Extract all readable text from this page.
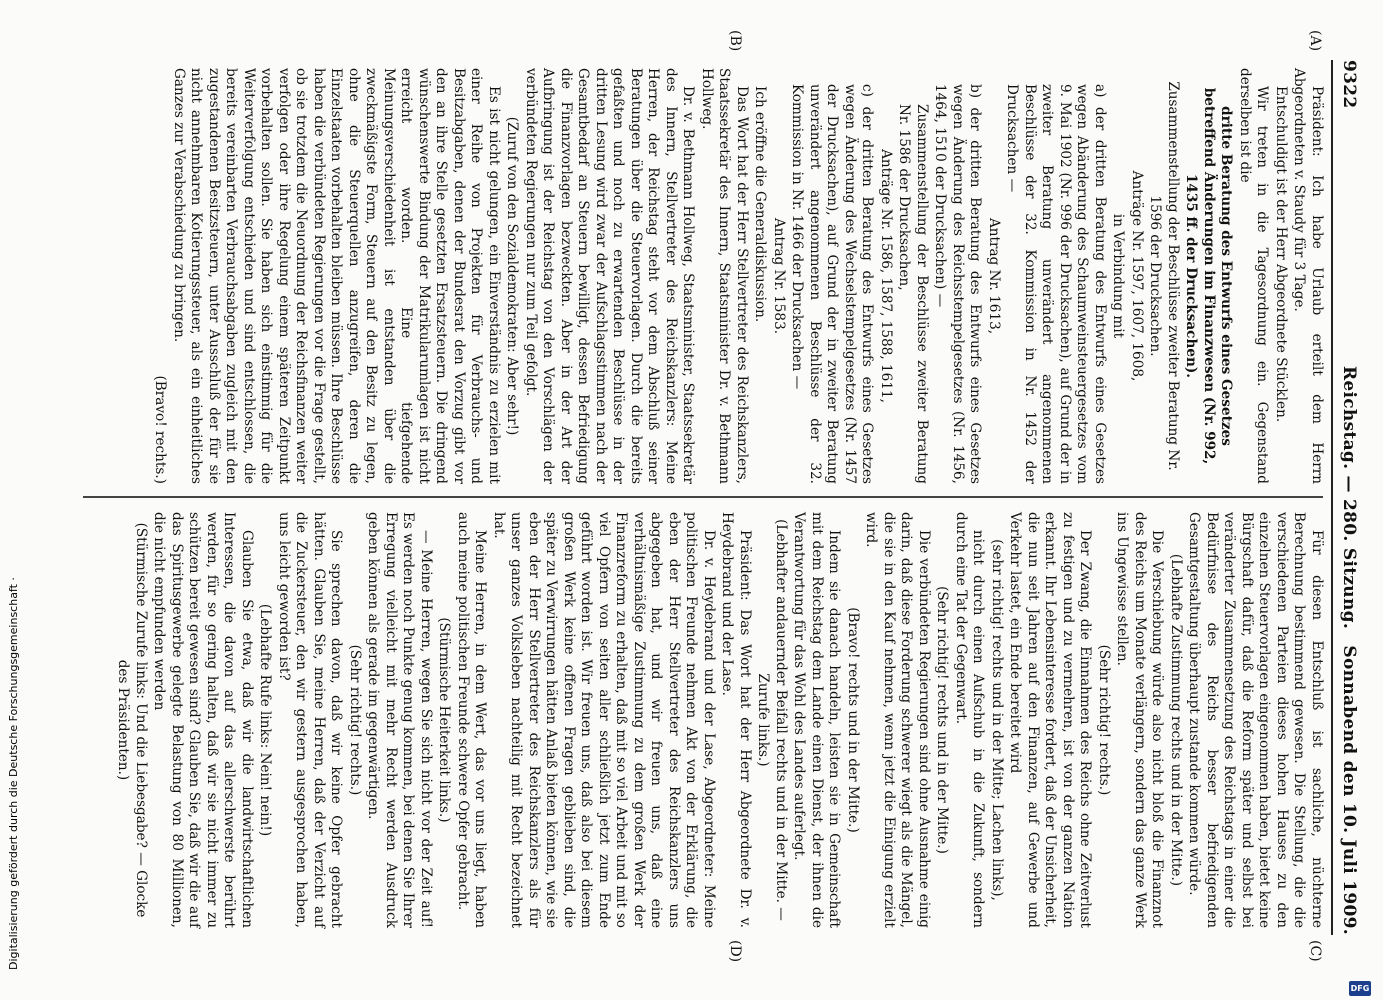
9322
Reichstag. — 280. Sitzung.
Sonnabend den 10. Juli 1909.
(A)
(B)
(C)
(D)

Präsident: Ich habe Urlaub erteilt dem Herrn Abgeordneten v. Staudy für 3 Tage.

Entschuldigt ist der Herr Abgeordnete Stücklen.

Wir treten in die Tagesordnung ein. Gegenstand derselben ist die

dritte Beratung des Entwurfs eines Gesetzes betreffend Änderungen im Finanzwesen (Nr. 992, 1435 ff. der Drucksachen).

Zusammenstellung der Beschlüsse zweiter Beratung Nr. 1596 der Drucksachen.

Anträge Nr. 1597, 1607, 1608,

in Verbindung mit

a) der dritten Beratung des Entwurfs eines Gesetzes wegen Abänderung des Schaumweinsteuergesetzes vom 9. Mai 1902 (Nr. 996 der Drucksachen), auf Grund der in zweiter Beratung unverändert angenommenen Beschlüsse der 32. Kommission in Nr. 1452 der Drucksachen —

Antrag Nr. 1613,

b) der dritten Beratung des Entwurfs eines Gesetzes wegen Änderung des Reichsstempelgesetzes (Nr. 1456, 1464, 1510 der Drucksachen) —

Zusammenstellung der Beschlüsse zweiter Beratung Nr. 1586 der Drucksachen,

Anträge Nr. 1586, 1587, 1588, 1611,

c) der dritten Beratung des Entwurfs eines Gesetzes wegen Änderung des Wechselstempelgesetzes (Nr. 1457 der Drucksachen), auf Grund der in zweiter Beratung unverändert angenommenen Beschlüsse der 32. Kommission in Nr. 1466 der Drucksachen —

Antrag Nr. 1583.

Ich eröffne die Generaldiskussion.

Das Wort hat der Herr Stellvertreter des Reichskanzlers, Staatssekretär des Innern, Staatsminister Dr. v. Bethmann Hollweg.

Dr. v. Bethmann Hollweg, Staatsminister, Staatssekretär des Innern, Stellvertreter des Reichskanzlers: Meine Herren, der Reichstag steht vor dem Abschluß seiner Beratungen über die Steuervorlagen. Durch die bereits gefaßten und noch zu erwartenden Beschlüsse in der dritten Lesung wird zwar der Aufschlagsstimmen nach der Gesamtbedarf an Steuern bewilligt, dessen Befriedigung die Finanzvorlagen bezweckten. Aber in der Art der Aufbringung ist der Reichstag von den Vorschlägen der verbündeten Regierungen nur zum Teil gefolgt.

(Zuruf von den Sozialdemokraten: Aber sehr!)

Es ist nicht gelungen, ein Einverständnis zu erzielen mit einer Reihe von Projekten für Verbrauchs- und Besitzabgaben, denen der Bundesrat den Vorzug gibt vor den an ihre Stelle gesetzten Ersatzsteuern. Die dringend wünschenswerte Bindung der Matrikularumlagen ist nicht erreicht worden. Eine tiefgehende Meinungsverschiedenheit ist entstanden über die zweckmäßigste Form, Steuern auf den Besitz zu legen, ohne die Steuerquellen anzugreifen, deren die Einzelstaaten vorbehalten bleiben müssen. Ihre Beschlüsse haben die verbündeten Regierungen vor die Frage gestellt, ob sie trotzdem die Neuordnung der Reichsfinanzen weiter verfolgen oder ihre Regelung einem späteren Zeitpunkt vorbehalten sollen. Sie haben sich einstimmig für die Weiterverfolgung entschieden und sind entschlossen, die bereits vereinbarten Verbrauchsabgaben zugleich mit den zugestandenen Besitzsteuern, unter Ausschluß der für sie nicht annehmbaren Kotierungssteuer, als ein einheitliches Ganzes zur Verabschiedung zu bringen.

(Bravo! rechts.)

Für diesen Entschluß ist sachliche, nüchterne Berechnung bestimmend gewesen. Die Stellung, die die verschiedenen Parteien dieses hohen Hauses zu den einzelnen Steuervorlagen eingenommen haben, bietet keine Bürgschaft dafür, daß die Reform später und selbst bei veränderter Zusammensetzung des Reichstags in einer die Bedürfnisse des Reichs besser befriedigenden Gesamtgestaltung überhaupt zustande kommen würde.

(Lebhafte Zustimmung rechts und in der Mitte.)

Die Verschiebung würde also nicht bloß die Finanznot des Reichs um Monate verlängern, sondern das ganze Werk ins Ungewisse stellen.

(Sehr richtig! rechts.)

Der Zwang, die Einnahmen des Reichs ohne Zeitverlust zu festigen und zu vermehren, ist von der ganzen Nation erkannt. Ihr Lebensinteresse fordert, daß der Unsicherheit, die nun seit Jahren auf den Finanzen, auf Gewerbe und Verkehr lastet, ein Ende bereitet wird

(sehr richtig! rechts und in der Mitte; Lachen links),

nicht durch einen Aufschub in die Zukunft, sondern durch eine Tat der Gegenwart.

(Sehr richtig! rechts und in der Mitte.)

Die verbündeten Regierungen sind ohne Ausnahme einig darin, daß diese Forderung schwerer wiegt als die Mängel, die sie in den Kauf nehmen, wenn jetzt die Einigung erzielt wird.

(Bravo! rechts und in der Mitte.)

Indem sie danach handeln, leisten sie in Gemeinschaft mit dem Reichstag dem Lande einen Dienst, der ihnen die Verantwortung für das Wohl des Landes auferlegt.

(Lebhafter andauernder Beifall rechts und in der Mitte. — Zurufe links.)

Präsident: Das Wort hat der Herr Abgeordnete Dr. v. Heydebrand und der Lase.

Dr. v. Heydebrand und der Lase, Abgeordneter: Meine politischen Freunde nehmen Akt von der Erklärung, die eben der Herr Stellvertreter des Reichskanzlers uns abgegeben hat, und wir freuen uns, daß eine verhältnismäßige Zustimmung zu dem großen Werk der Finanzreform zu erhalten, daß mit so viel Arbeit und mit so viel Opfern von seiten aller schließlich jetzt zum Ende geführt worden ist. Wir freuen uns, daß also bei diesem großen Werk keine offenen Fragen geblieben sind, die später zu Verwirrungen hätten Anlaß bieten können, wie sie eben der Herr Stellvertreter des Reichskanzlers als für unser ganzes Volksleben nachteilig mit Recht bezeichnet hat.

Meine Herren, in dem Wert, das vor uns liegt, haben auch meine politischen Freunde schwere Opfer gebracht.

(Stürmische Heiterkeit links.)

— Meine Herren, wegen Sie sich nicht vor der Zeit auf! Es werden noch Punkte genug kommen, bei denen Sie Ihrer Erregung vielleicht mit mehr Recht werden Ausdruck geben können als gerade im gegenwärtigen.

(Sehr richtig! rechts.)

Sie sprechen davon, daß wir keine Opfer gebracht hätten. Glauben Sie, meine Herren, daß der Verzicht auf die Zuckersteuer, den wir gestern ausgesprochen haben, uns leicht geworden ist?

(Lebhafte Rufe links: Nein! nein!)

Glauben Sie etwa, daß wir die landwirtschaftlichen Interessen, die davon auf das allerschwerste berührt werden, für so gering halten, daß wir sie nicht immer zu schützen bereit gewesen sind? Glauben Sie, daß wir die auf das Spiritusgewerbe gelegte Belastung von 80 Millionen, die nicht empfunden werden

(Stürmische Zurufe links: Und die Liebesgabe? — Glocke des Präsidenten.)

Digitalisierung gefördert durch die Deutsche Forschungsgemeinschaft ·
DFG
